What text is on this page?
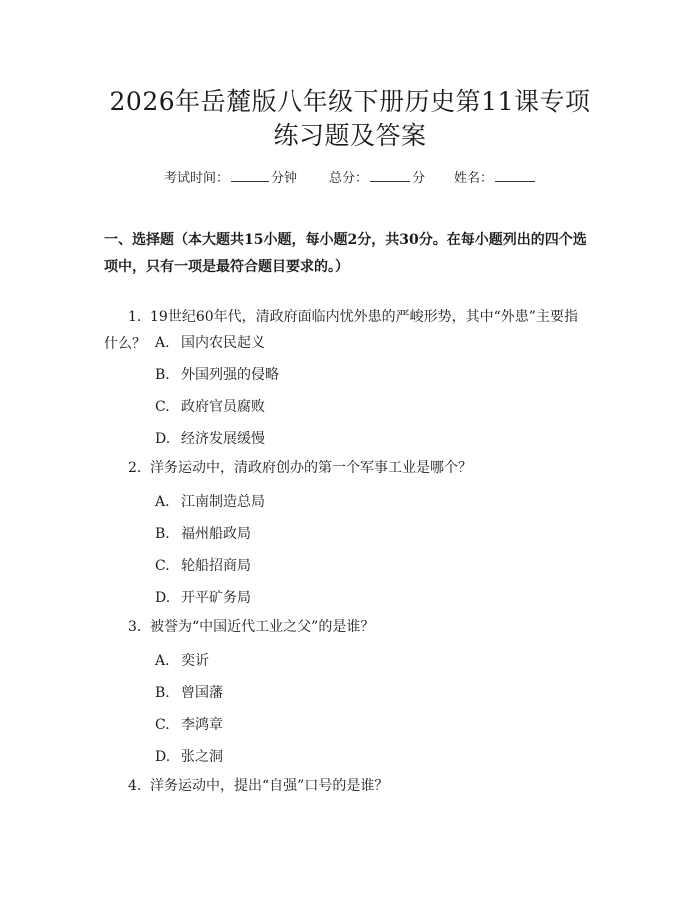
2026年岳麓版八年级下册历史第11课专项
练习题及答案
考试时间：	分钟 总分：	分 姓名：
一、选择题（本大题共15小题，每小题2分，共30分。在每小题列出的四个选
项中，只有一项是最符合题目要求的。）
1. 19世纪60年代，清政府面临内忧外患的严峻形势，其中“外患”主要指
什么？ A. 国内农民起义
B. 外国列强的侵略
C. 政府官员腐败
D. 经济发展缓慢
2. 洋务运动中，清政府创办的第一个军事工业是哪个？
A. 江南制造总局
B. 福州船政局
C. 轮船招商局
D. 开平矿务局
3. 被誉为“中国近代工业之父”的是谁？
A. 奕䜣
B. 曾国藩
C. 李鸿章
D. 张之洞
4. 洋务运动中，提出“自强”口号的是谁？
